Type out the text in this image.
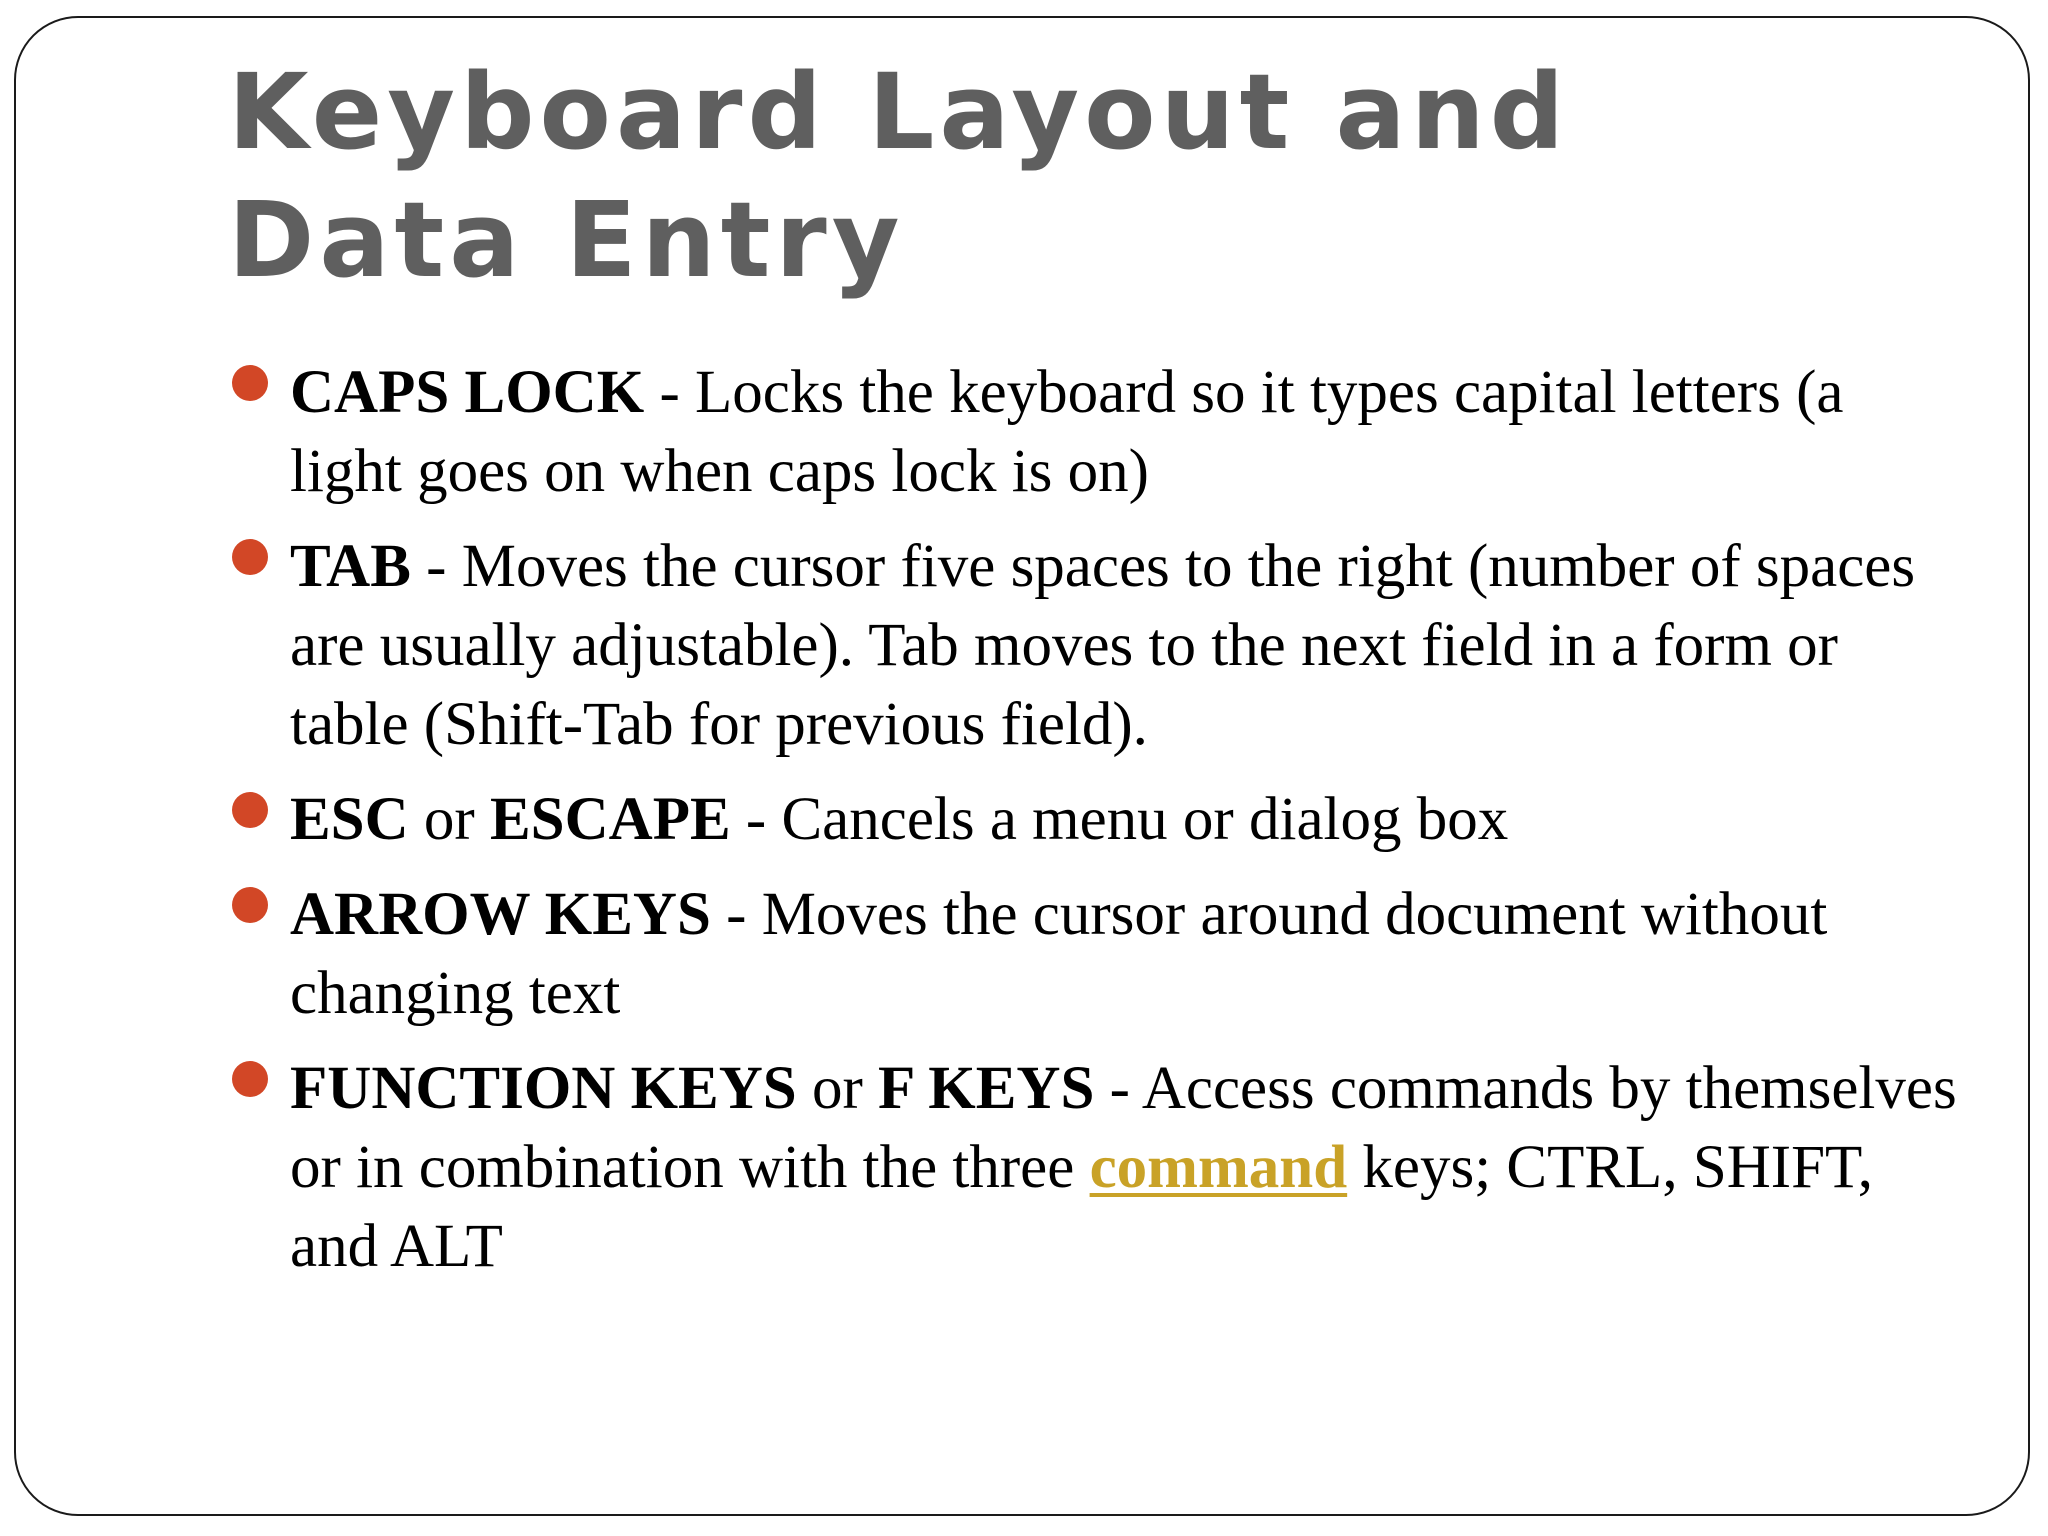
Keyboard Layout and Data Entry
CAPS LOCK - Locks the keyboard so it types capital letters (a light goes on when caps lock is on)
TAB - Moves the cursor five spaces to the right (number of spaces are usually adjustable). Tab moves to the next field in a form or table (Shift-Tab for previous field).
ESC or ESCAPE - Cancels a menu or dialog box
ARROW KEYS - Moves the cursor around document without changing text
FUNCTION KEYS or F KEYS - Access commands by themselves or in combination with the three command keys; CTRL, SHIFT, and ALT
